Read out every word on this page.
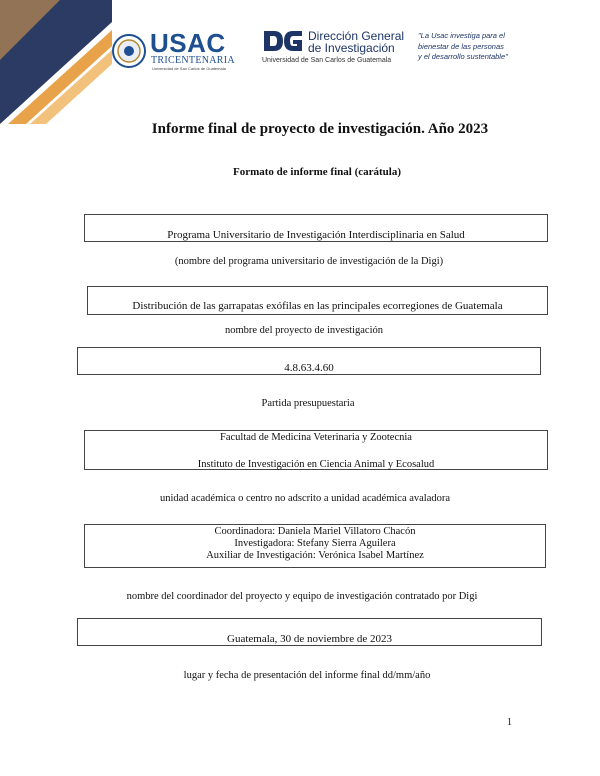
USAC
TRICENTENARIA
Universidad de San Carlos de Guatemala
Dirección General
de Investigación
Universidad de San Carlos de Guatemala
"La Usac investiga para el
bienestar de las personas
y el desarrollo sustentable"
Informe final de proyecto de investigación. Año 2023
Formato de informe final (carátula)
Programa Universitario de Investigación Interdisciplinaria en Salud
(nombre del programa universitario de investigación de la Digi)
Distribución de las garrapatas exófilas en las principales ecorregiones de Guatemala
nombre del proyecto de investigación
4.8.63.4.60
Partida presupuestaria
Facultad de Medicina Veterinaria y Zootecnia
Instituto de Investigación en Ciencia Animal y Ecosalud
unidad académica o centro no adscrito a unidad académica avaladora
Coordinadora: Daniela Mariel Villatoro Chacón
Investigadora: Stefany Sierra Aguilera
Auxiliar de Investigación: Verónica Isabel Martínez
nombre del coordinador del proyecto y equipo de investigación contratado por Digi
Guatemala, 30 de noviembre de 2023
lugar y fecha de presentación del informe final dd/mm/año
1
